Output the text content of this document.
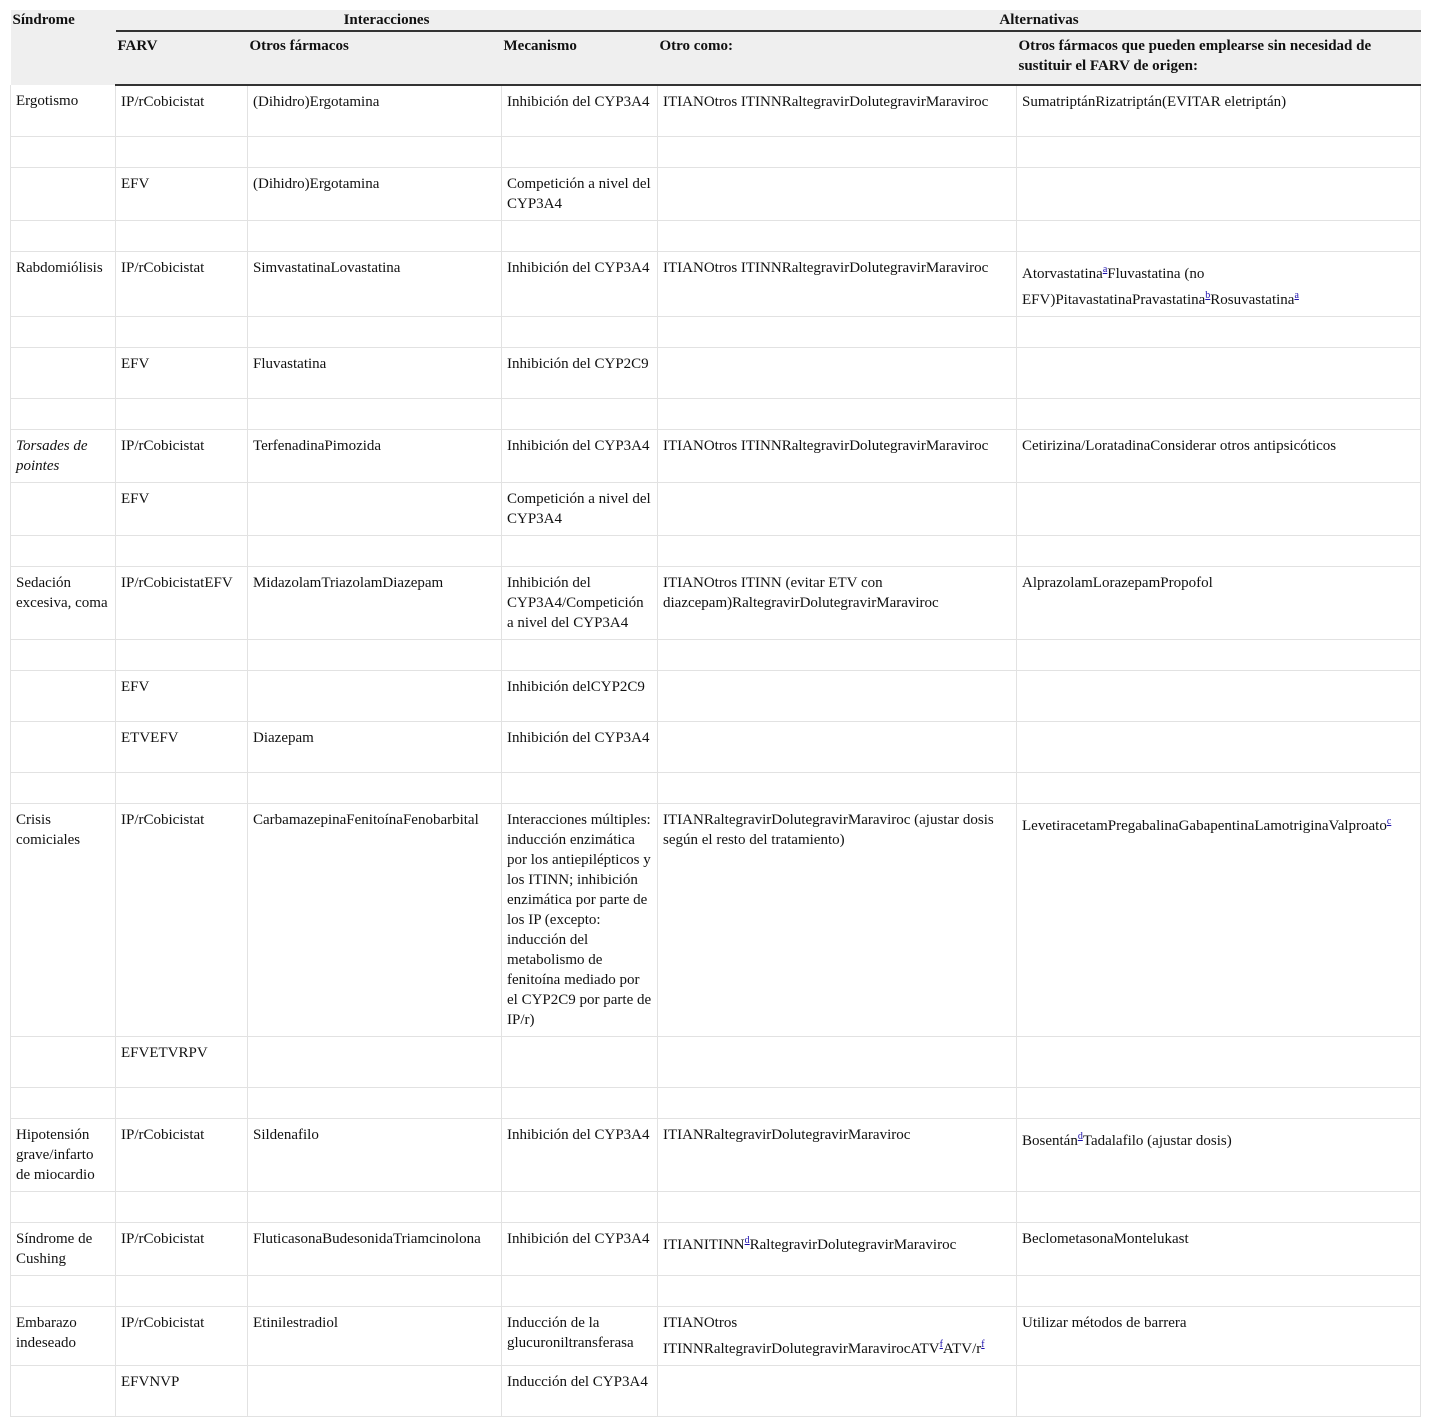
Síndrome	Interacciones			Alternativas	
	FARV	Otros fármacos	Mecanismo	Otro como:	Otros fármacos que pueden emplearse sin necesidad de sustituir el FARV de origen:
Ergotismo	IP/rCobicistat	(Dihidro)Ergotamina	Inhibición del CYP3A4	ITIANOtros ITINNRaltegravirDolutegravirMaraviroc	SumatriptánRizatriptán(EVITAR eletriptán)

	EFV	(Dihidro)Ergotamina	Competición a nivel del CYP3A4		

Rabdomiólisis	IP/rCobicistat	SimvastatinaLovastatina	Inhibición del CYP3A4	ITIANOtros ITINNRaltegravirDolutegravirMaraviroc	Atorvastatina$^a$Fluvastatina (no EFV)PitavastatinaPravastatina$^b$Rosuvastatina$^a$

	EFV	Fluvastatina	Inhibición del CYP2C9		

Torsades de pointes	IP/rCobicistat	TerfenadinaPimozida	Inhibición del CYP3A4	ITIANOtros ITINNRaltegravirDolutegravirMaraviroc	Cetirizina/LoratadinaConsiderar otros antipsicóticos
	EFV		Competición a nivel del CYP3A4		

Sedación excesiva, coma	IP/rCobicistatEFV	MidazolamTriazolamDiazepam	Inhibición del CYP3A4/Competición a nivel del CYP3A4	ITIANOtros ITINN (evitar ETV con diazcepam)RaltegravirDolutegravirMaraviroc	AlprazolamLorazepamPropofol

	EFV		Inhibición delCYP2C9		
	ETVEFV	Diazepam	Inhibición del CYP3A4		

Crisis comiciales	IP/rCobicistat	CarbamazepinaFenitoínaFenobarbital	Interacciones múltiples: inducción enzimática por los antiepilépticos y los ITINN; inhibición enzimática por parte de los IP (excepto: inducción del metabolismo de fenitoína mediado por el CYP2C9 por parte de IP/r)	ITIANRaltegravirDolutegravirMaraviroc (ajustar dosis según el resto del tratamiento)	LevetiracetamPregabalinaGabapentinaLamotriginaValproato$^c$
	EFVETVRPV				

Hipotensión grave/infarto de miocardio	IP/rCobicistat	Sildenafilo	Inhibición del CYP3A4	ITIANRaltegravirDolutegravirMaraviroc	Bosentán$^d$Tadalafilo (ajustar dosis)

Síndrome de Cushing	IP/rCobicistat	FluticasonaBudesonidaTriamcinolona	Inhibición del CYP3A4	ITIANITINN$^d$RaltegravirDolutegravirMaraviroc	BeclometasonaMontelukast

Embarazo indeseado	IP/rCobicistat	Etinilestradiol	Inducción de la glucuroniltransferasa	ITIANOtros $ITINNRaltegravirDolutegravirMaravirocATV^fATV/r^f$	Utilizar métodos de barrera
	EFVNVP		Inducción del CYP3A4		
